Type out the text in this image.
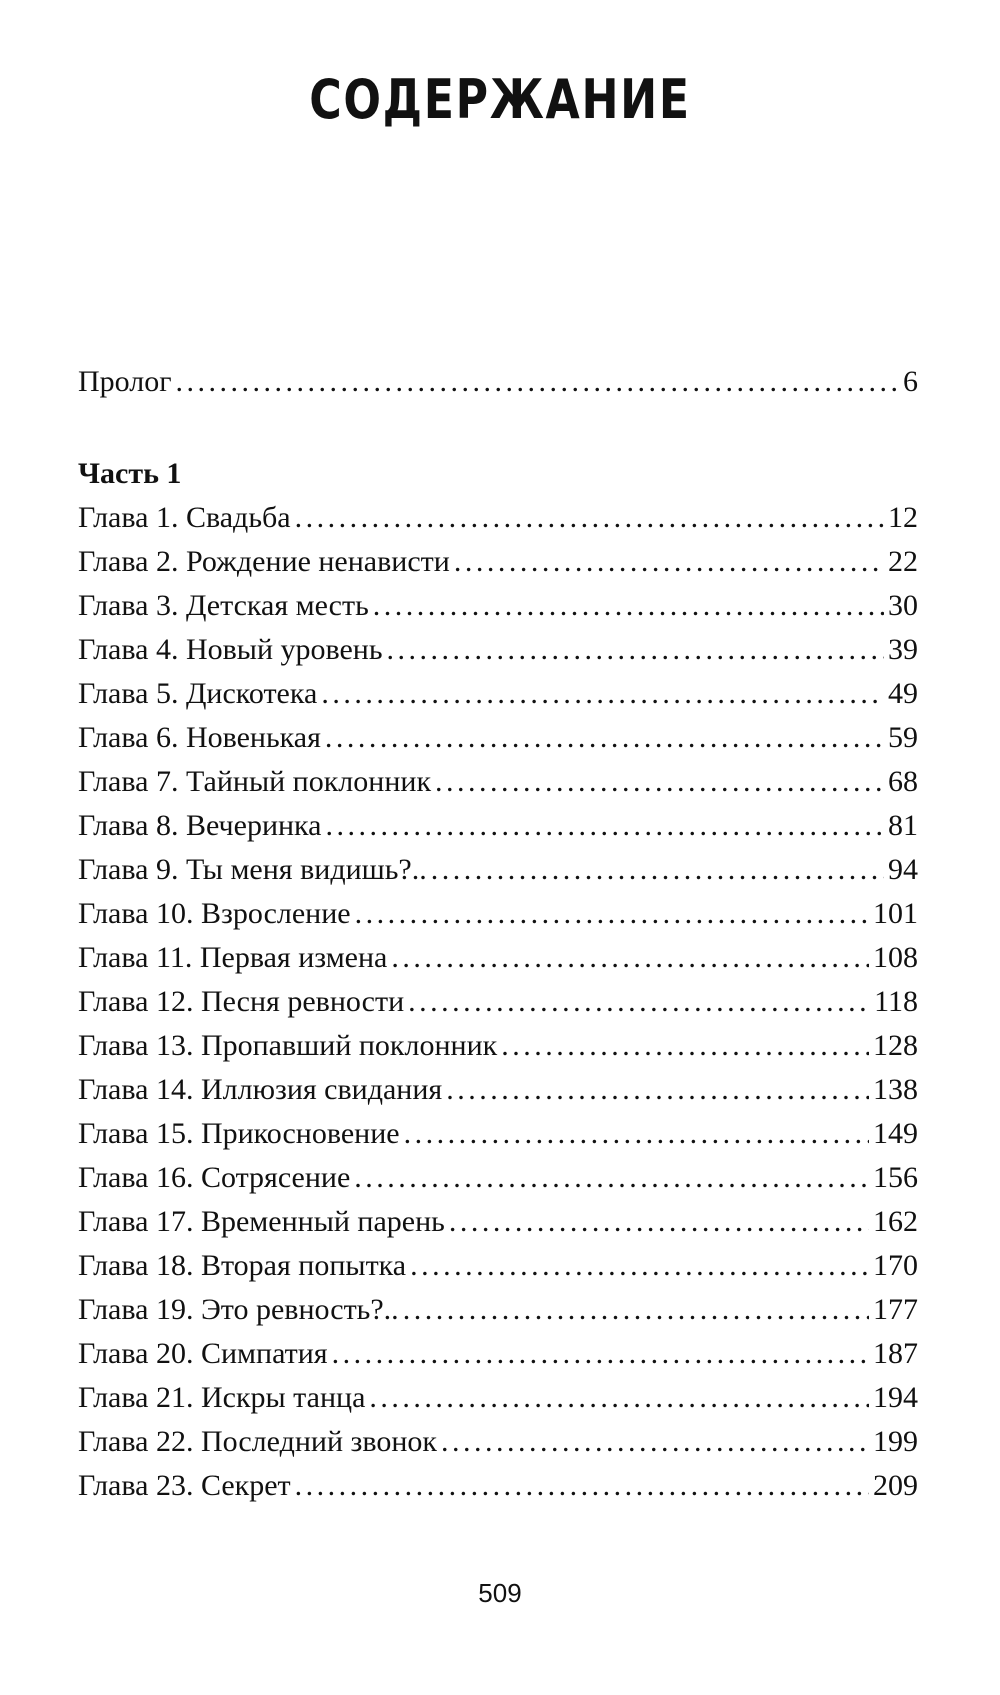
СОДЕРЖАНИЕ
Пролог . . .	6
Часть 1
Глава 1. Свадьба . . .	12
Глава 2. Рождение ненависти . . .	22
Глава 3. Детская месть . . .	30
Глава 4. Новый уровень . . .	39
Глава 5. Дискотека . . .	49
Глава 6. Новенькая . . .	59
Глава 7. Тайный поклонник . . .	68
Глава 8. Вечеринка . . .	81
Глава 9. Ты меня видишь?.. . . .	94
Глава 10. Взросление . . .	101
Глава 11. Первая измена . . .	108
Глава 12. Песня ревности . . .	118
Глава 13. Пропавший поклонник . . .	128
Глава 14. Иллюзия свидания . . .	138
Глава 15. Прикосновение . . .	149
Глава 16. Сотрясение . . .	156
Глава 17. Временный парень . . .	162
Глава 18. Вторая попытка . . .	170
Глава 19. Это ревность?.. . . .	177
Глава 20. Симпатия . . .	187
Глава 21. Искры танца . . .	194
Глава 22. Последний звонок . . .	199
Глава 23. Секрет . . .	209
509
